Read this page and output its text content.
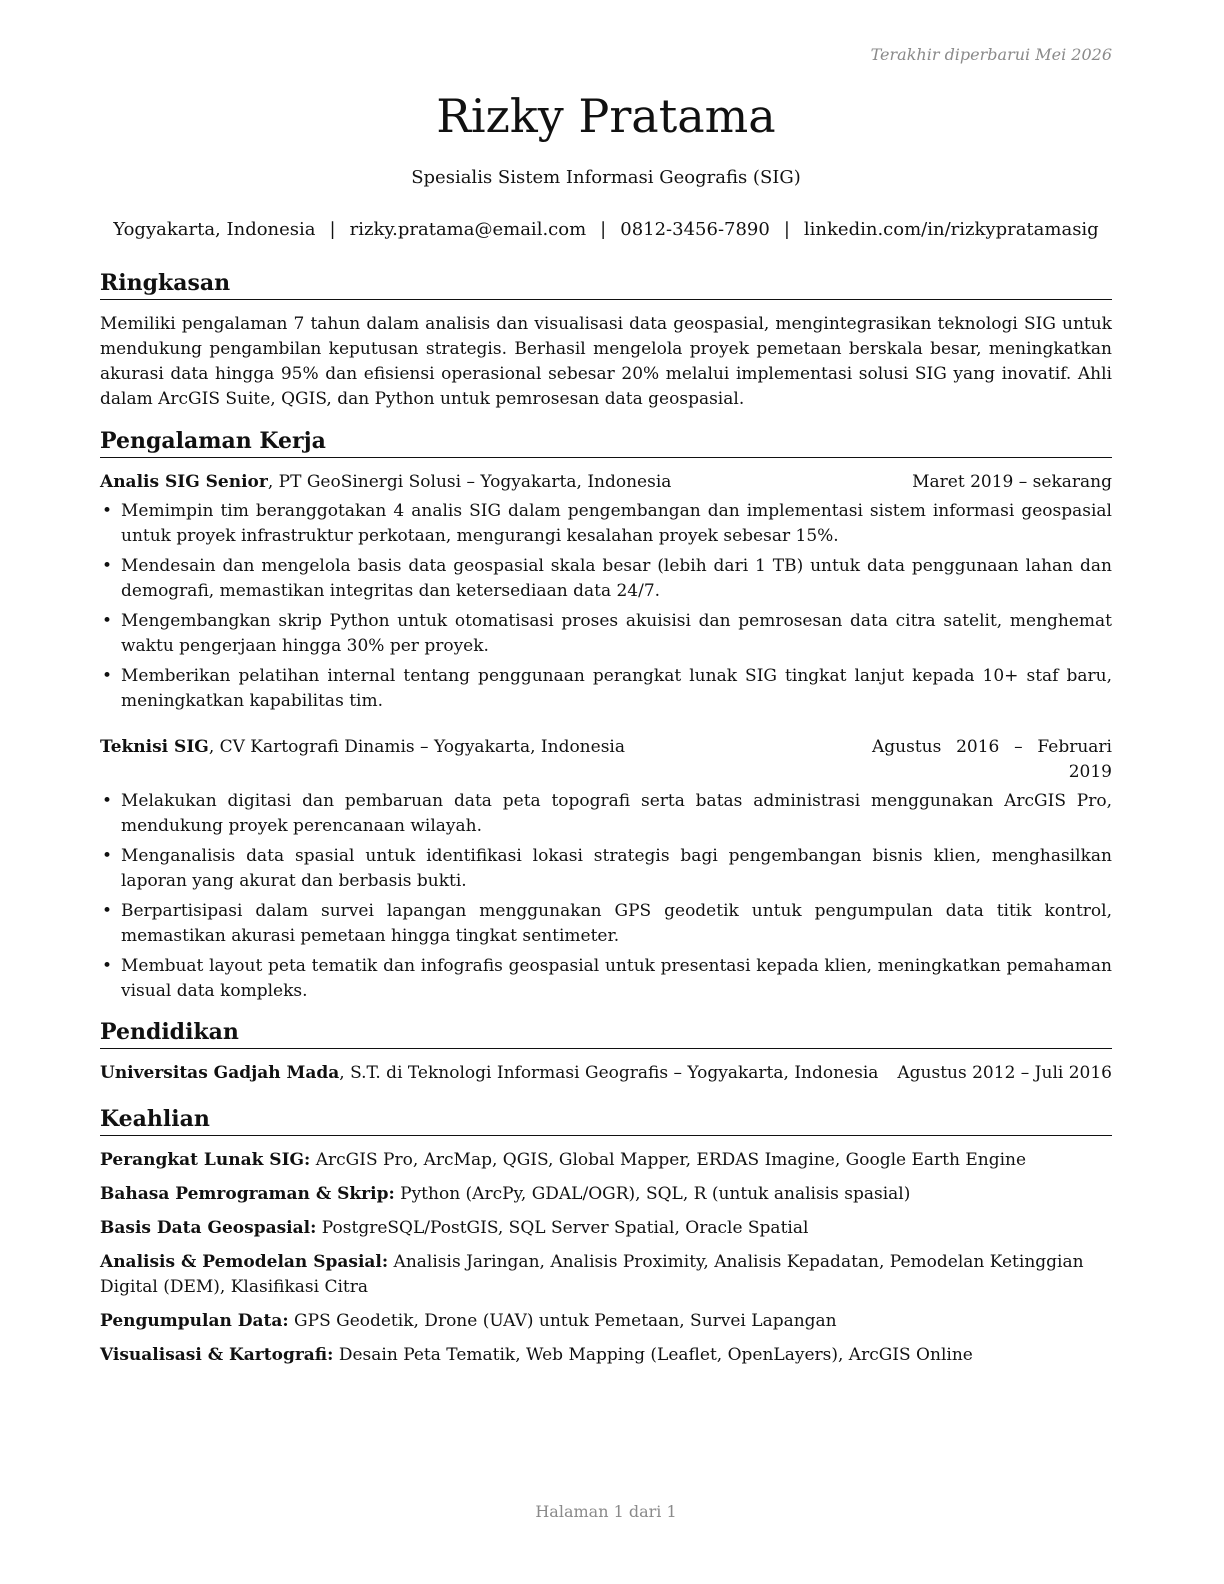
Terakhir diperbarui Mei 2026
Rizky Pratama
Spesialis Sistem Informasi Geografis (SIG)
Yogyakarta, Indonesia | rizky.pratama@email.com | 0812-3456-7890 | linkedin.com/in/rizkypratamasig
Ringkasan

Memiliki pengalaman 7 tahun dalam analisis dan visualisasi data geospasial, mengintegrasikan teknologi SIG untuk mendukung pengambilan keputusan strategis. Berhasil mengelola proyek pemetaan berskala besar, meningkatkan akurasi data hingga 95% dan efisiensi operasional sebesar 20% melalui implementasi solusi SIG yang inovatif. Ahli dalam ArcGIS Suite, QGIS, dan Python untuk pemrosesan data geospasial.

Pengalaman Kerja
Analis SIG Senior, PT GeoSinergi Solusi – Yogyakarta, Indonesia	Maret 2019 – sekarang
• Memimpin tim beranggotakan 4 analis SIG dalam pengembangan dan implementasi sistem informasi geospasial untuk proyek infrastruktur perkotaan, mengurangi kesalahan proyek sebesar 15%.
• Mendesain dan mengelola basis data geospasial skala besar (lebih dari 1 TB) untuk data penggunaan lahan dan demografi, memastikan integritas dan ketersediaan data 24/7.
• Mengembangkan skrip Python untuk otomatisasi proses akuisisi dan pemrosesan data citra satelit, menghemat waktu pengerjaan hingga 30% per proyek.
• Memberikan pelatihan internal tentang penggunaan perangkat lunak SIG tingkat lanjut kepada 10+ staf baru, meningkatkan kapabilitas tim.
Teknisi SIG, CV Kartografi Dinamis – Yogyakarta, Indonesia	Agustus 2016 – Februari 2019
• Melakukan digitasi dan pembaruan data peta topografi serta batas administrasi menggunakan ArcGIS Pro, mendukung proyek perencanaan wilayah.
• Menganalisis data spasial untuk identifikasi lokasi strategis bagi pengembangan bisnis klien, menghasilkan laporan yang akurat dan berbasis bukti.
• Berpartisipasi dalam survei lapangan menggunakan GPS geodetik untuk pengumpulan data titik kontrol, memastikan akurasi pemetaan hingga tingkat sentimeter.
• Membuat layout peta tematik dan infografis geospasial untuk presentasi kepada klien, meningkatkan pemahaman visual data kompleks.
Pendidikan
Universitas Gadjah Mada, S.T. di Teknologi Informasi Geografis – Yogyakarta, Indonesia Agustus 2012 – Juli 2016
Keahlian
Perangkat Lunak SIG: ArcGIS Pro, ArcMap, QGIS, Global Mapper, ERDAS Imagine, Google Earth Engine
Bahasa Pemrograman & Skrip: Python (ArcPy, GDAL/OGR), SQL, R (untuk analisis spasial)
Basis Data Geospasial: PostgreSQL/PostGIS, SQL Server Spatial, Oracle Spatial
Analisis & Pemodelan Spasial: Analisis Jaringan, Analisis Proximity, Analisis Kepadatan, Pemodelan Ketinggian Digital (DEM), Klasifikasi Citra
Pengumpulan Data: GPS Geodetik, Drone (UAV) untuk Pemetaan, Survei Lapangan
Visualisasi & Kartografi: Desain Peta Tematik, Web Mapping (Leaflet, OpenLayers), ArcGIS Online
Halaman 1 dari 1
